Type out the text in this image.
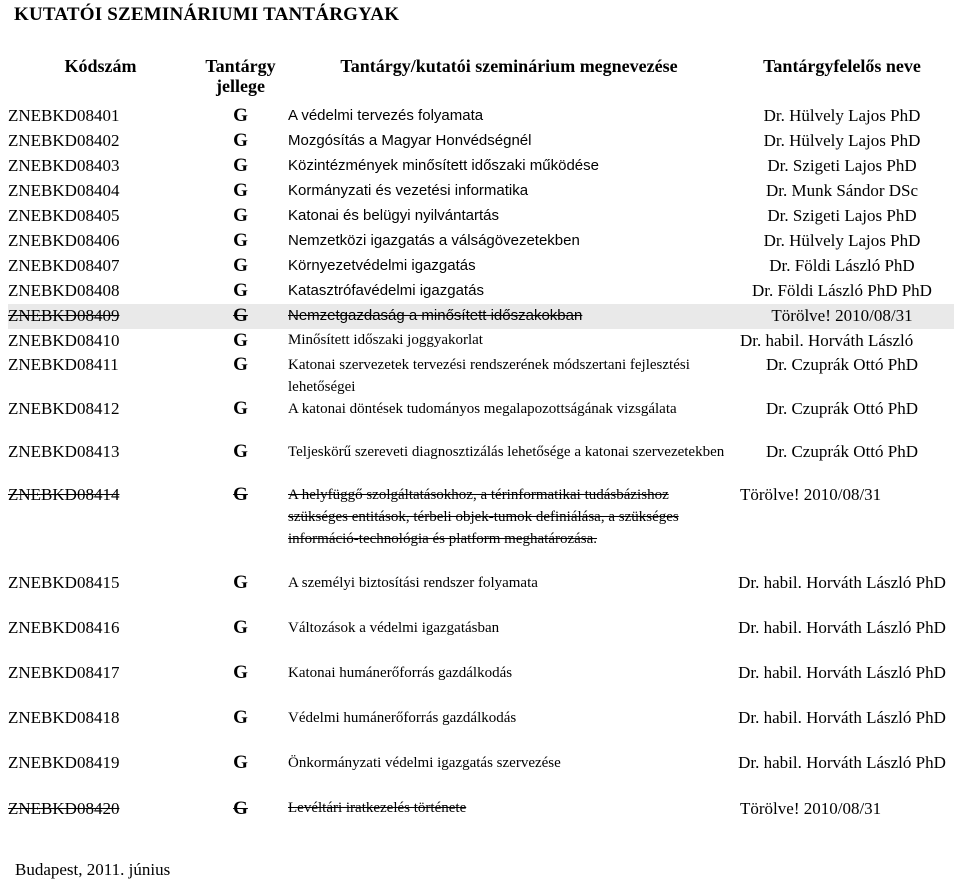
KUTATÓI SZEMINÁRIUMI TANTÁRGYAK
Kódszám	Tantárgy jellege	Tantárgy/kutatói szeminárium megnevezése	Tantárgyfelelős neve
ZNEBKD08401	G	A védelmi tervezés folyamata	Dr. Hülvely Lajos PhD
ZNEBKD08402	G	Mozgósítás a Magyar Honvédségnél	Dr. Hülvely Lajos PhD
ZNEBKD08403	G	Közintézmények minősített időszaki működése	Dr. Szigeti Lajos PhD
ZNEBKD08404	G	Kormányzati és vezetési informatika	Dr. Munk Sándor DSc
ZNEBKD08405	G	Katonai és belügyi nyilvántartás	Dr. Szigeti Lajos PhD
ZNEBKD08406	G	Nemzetközi igazgatás a válságövezetekben	Dr. Hülvely Lajos PhD
ZNEBKD08407	G	Környezetvédelmi igazgatás	Dr. Földi László PhD
ZNEBKD08408	G	Katasztrófavédelmi igazgatás	Dr. Földi László PhD PhD
ZNEBKD08409	G	Nemzetgazdaság a minősített időszakokban	Törölve! 2010/08/31
ZNEBKD08410	G	Minősített időszaki joggyakorlat	Dr. habil. Horváth László
ZNEBKD08411	G	Katonai szervezetek tervezési rendszerének módszertani fejlesztési lehetőségei	Dr. Czuprák Ottó PhD
ZNEBKD08412	G	A katonai döntések tudományos megalapozottságának vizsgálata	Dr. Czuprák Ottó PhD
ZNEBKD08413	G	Teljeskörű szereveti diagnosztizálás lehetősége a katonai szervezetekben	Dr. Czuprák Ottó PhD
ZNEBKD08414	G	A helyfüggő szolgáltatásokhoz, a térinformatikai tudásbázishoz szükséges entitások, térbeli objek-tumok definiálása, a szükséges információ-technológia és platform meghatározása.	Törölve! 2010/08/31
ZNEBKD08415	G	A személyi biztosítási rendszer folyamata	Dr. habil. Horváth László PhD
ZNEBKD08416	G	Változások a védelmi igazgatásban	Dr. habil. Horváth László PhD
ZNEBKD08417	G	Katonai humánerőforrás gazdálkodás	Dr. habil. Horváth László PhD
ZNEBKD08418	G	Védelmi humánerőforrás gazdálkodás	Dr. habil. Horváth László PhD
ZNEBKD08419	G	Önkormányzati védelmi igazgatás szervezése	Dr. habil. Horváth László PhD
ZNEBKD08420	G	Levéltári iratkezelés története	Törölve! 2010/08/31
Budapest, 2011. június
